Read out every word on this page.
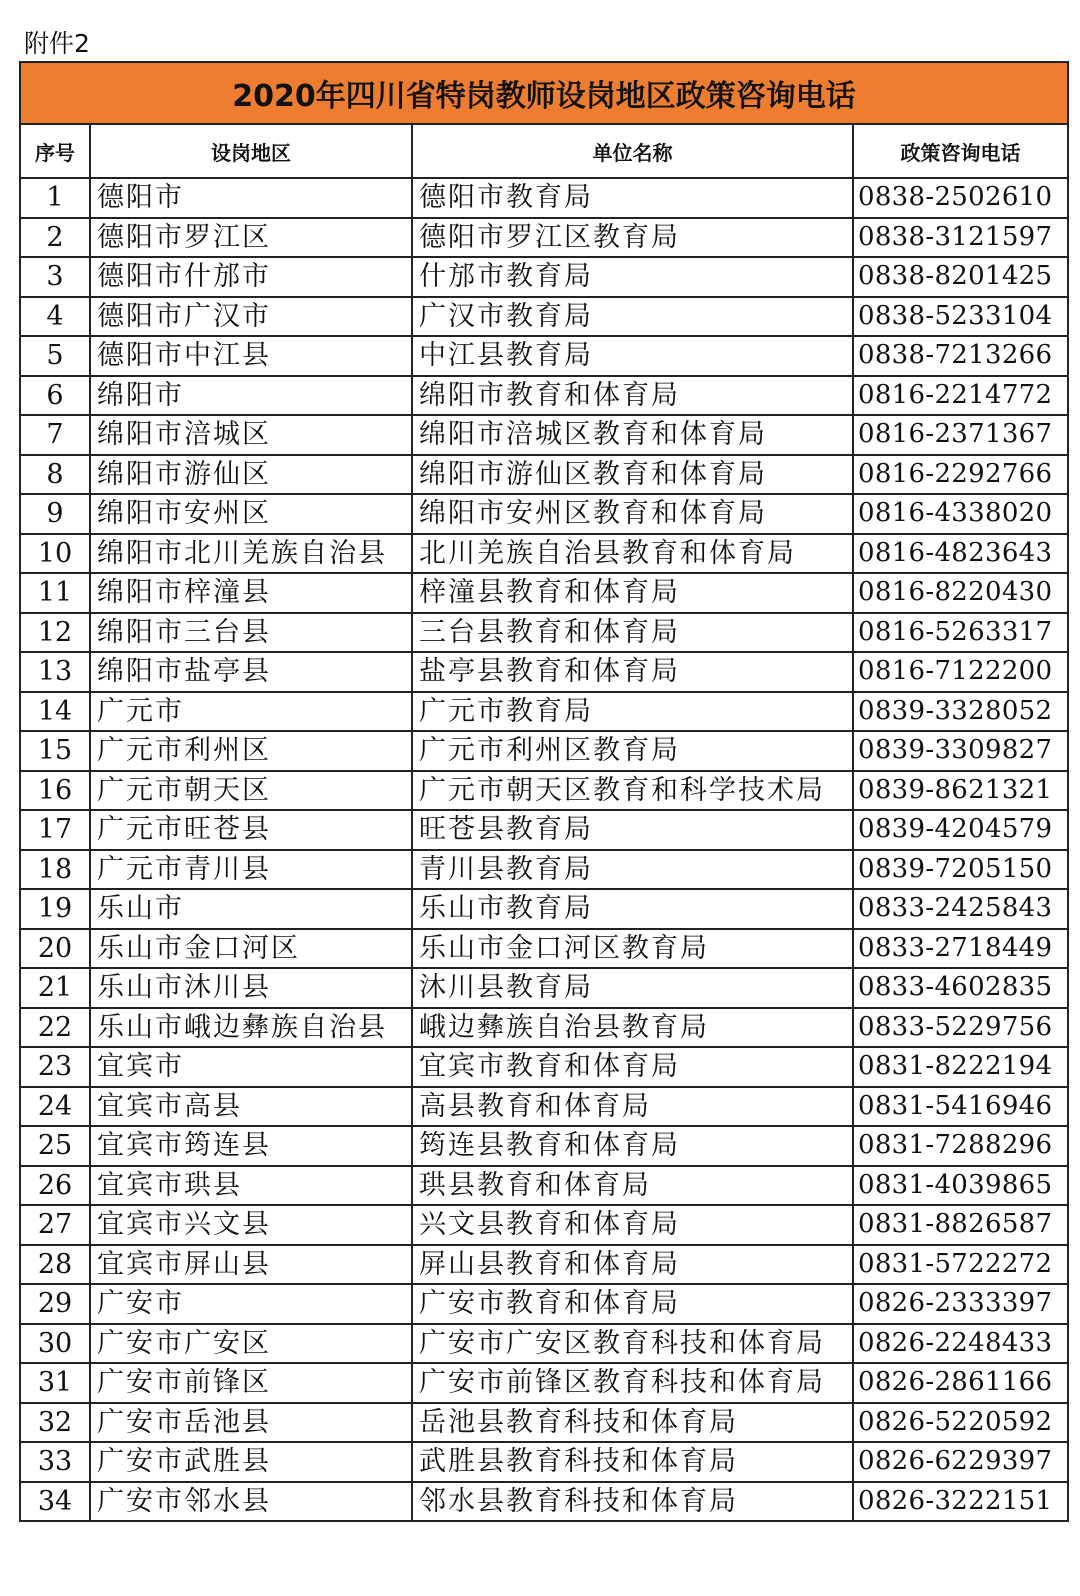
附件2
2020年四川省特岗教师设岗地区政策咨询电话			
序号	设岗地区	单位名称	政策咨询电话
1	德阳市	德阳市教育局	0838-2502610
2	德阳市罗江区	德阳市罗江区教育局	0838-3121597
3	德阳市什邡市	什邡市教育局	0838-8201425
4	德阳市广汉市	广汉市教育局	0838-5233104
5	德阳市中江县	中江县教育局	0838-7213266
6	绵阳市	绵阳市教育和体育局	0816-2214772
7	绵阳市涪城区	绵阳市涪城区教育和体育局	0816-2371367
8	绵阳市游仙区	绵阳市游仙区教育和体育局	0816-2292766
9	绵阳市安州区	绵阳市安州区教育和体育局	0816-4338020
10	绵阳市北川羌族自治县	北川羌族自治县教育和体育局	0816-4823643
11	绵阳市梓潼县	梓潼县教育和体育局	0816-8220430
12	绵阳市三台县	三台县教育和体育局	0816-5263317
13	绵阳市盐亭县	盐亭县教育和体育局	0816-7122200
14	广元市	广元市教育局	0839-3328052
15	广元市利州区	广元市利州区教育局	0839-3309827
16	广元市朝天区	广元市朝天区教育和科学技术局	0839-8621321
17	广元市旺苍县	旺苍县教育局	0839-4204579
18	广元市青川县	青川县教育局	0839-7205150
19	乐山市	乐山市教育局	0833-2425843
20	乐山市金口河区	乐山市金口河区教育局	0833-2718449
21	乐山市沐川县	沐川县教育局	0833-4602835
22	乐山市峨边彝族自治县	峨边彝族自治县教育局	0833-5229756
23	宜宾市	宜宾市教育和体育局	0831-8222194
24	宜宾市高县	高县教育和体育局	0831-5416946
25	宜宾市筠连县	筠连县教育和体育局	0831-7288296
26	宜宾市珙县	珙县教育和体育局	0831-4039865
27	宜宾市兴文县	兴文县教育和体育局	0831-8826587
28	宜宾市屏山县	屏山县教育和体育局	0831-5722272
29	广安市	广安市教育和体育局	0826-2333397
30	广安市广安区	广安市广安区教育科技和体育局	0826-2248433
31	广安市前锋区	广安市前锋区教育科技和体育局	0826-2861166
32	广安市岳池县	岳池县教育科技和体育局	0826-5220592
33	广安市武胜县	武胜县教育科技和体育局	0826-6229397
34	广安市邻水县	邻水县教育科技和体育局	0826-3222151
